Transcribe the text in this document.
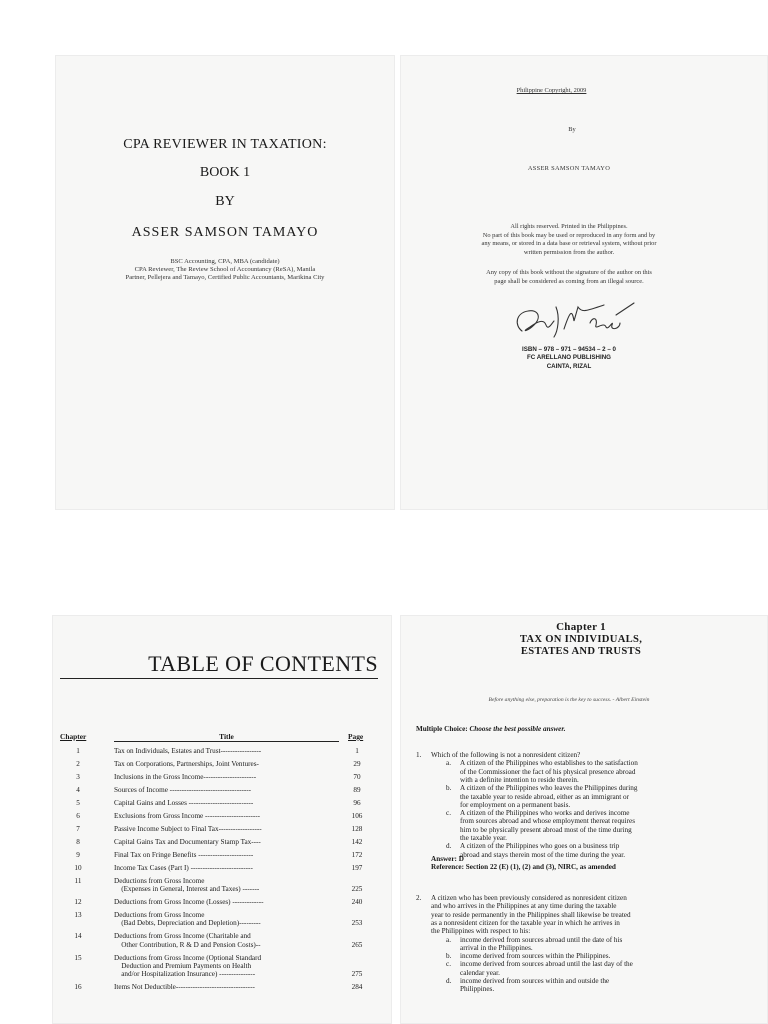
CPA REVIEWER IN TAXATION:
BOOK 1
BY
ASSER SAMSON TAMAYO
BSC Accounting, CPA, MBA (candidate)
CPA Reviewer, The Review School of Accountancy (ReSA), Manila
Partner, Pellejera and Tamayo, Certified Public Accountants, Marikina City
Philippine Copyright, 2009
By
ASSER SAMSON TAMAYO
All rights reserved. Printed in the Philippines.
No part of this book may be used or reproduced in any form and by
any means, or stored in a data base or retrieval system, without prior
written permission from the author.
Any copy of this book without the signature of the author on this
page shall be considered as coming from an illegal source.
ISBN – 978 – 971 – 94534 – 2 – 0
FC ARELLANO PUBLISHING
CAINTA, RIZAL
TABLE OF CONTENTS
Chapter	Title	Page
1	Tax on Individuals, Estates and Trust-----------------	1
2	Tax on Corporations, Partnerships, Joint Ventures-	29
3	Inclusions in the Gross Income----------------------	70
4	Sources of Income ----------------------------------	89
5	Capital Gains and Losses ---------------------------	96
6	Exclusions from Gross Income -----------------------	106
7	Passive Income Subject to Final Tax------------------	128
8	Capital Gains Tax and Documentary Stamp Tax----	142
9	Final Tax on Fringe Benefits -----------------------	172
10	Income Tax Cases (Part I) --------------------------	197
11	Deductions from Gross Income
(Expenses in General, Interest and Taxes) -------	225
12	Deductions from Gross Income (Losses) -------------	240
13	Deductions from Gross Income
(Bad Debts, Depreciation and Depletion)---------	253
14	Deductions from Gross Income (Charitable and
Other Contribution, R & D and Pension Costs)--	265
15	Deductions from Gross Income (Optional Standard
Deduction and Premium Payments on Health
and/or Hospitalization Insurance) ---------------	275
16	Items Not Deductible---------------------------------	284
Chapter 1
TAX ON INDIVIDUALS,
ESTATES AND TRUSTS
Before anything else, preparation is the key to success. - Albert Einstein
Multiple Choice: Choose the best possible answer.
1. Which of the following is not a nonresident citizen?
a. A citizen of the Philippines who establishes to the satisfaction
of the Commissioner the fact of his physical presence abroad
with a definite intention to reside therein.
b. A citizen of the Philippines who leaves the Philippines during
the taxable year to reside abroad, either as an immigrant or
for employment on a permanent basis.
c. A citizen of the Philippines who works and derives income
from sources abroad and whose employment thereat requires
him to be physically present abroad most of the time during
the taxable year.
d. A citizen of the Philippines who goes on a business trip
abroad and stays therein most of the time during the year.
Answer: D
Reference: Section 22 (E) (1), (2) and (3), NIRC, as amended
2. A citizen who has been previously considered as nonresident citizen
and who arrives in the Philippines at any time during the taxable
year to reside permanently in the Philippines shall likewise be treated
as a nonresident citizen for the taxable year in which he arrives in
the Philippines with respect to his:
a. income derived from sources abroad until the date of his
arrival in the Philippines.
b. income derived from sources within the Philippines.
c. income derived from sources abroad until the last day of the
calendar year.
d. income derived from sources within and outside the
Philippines.
